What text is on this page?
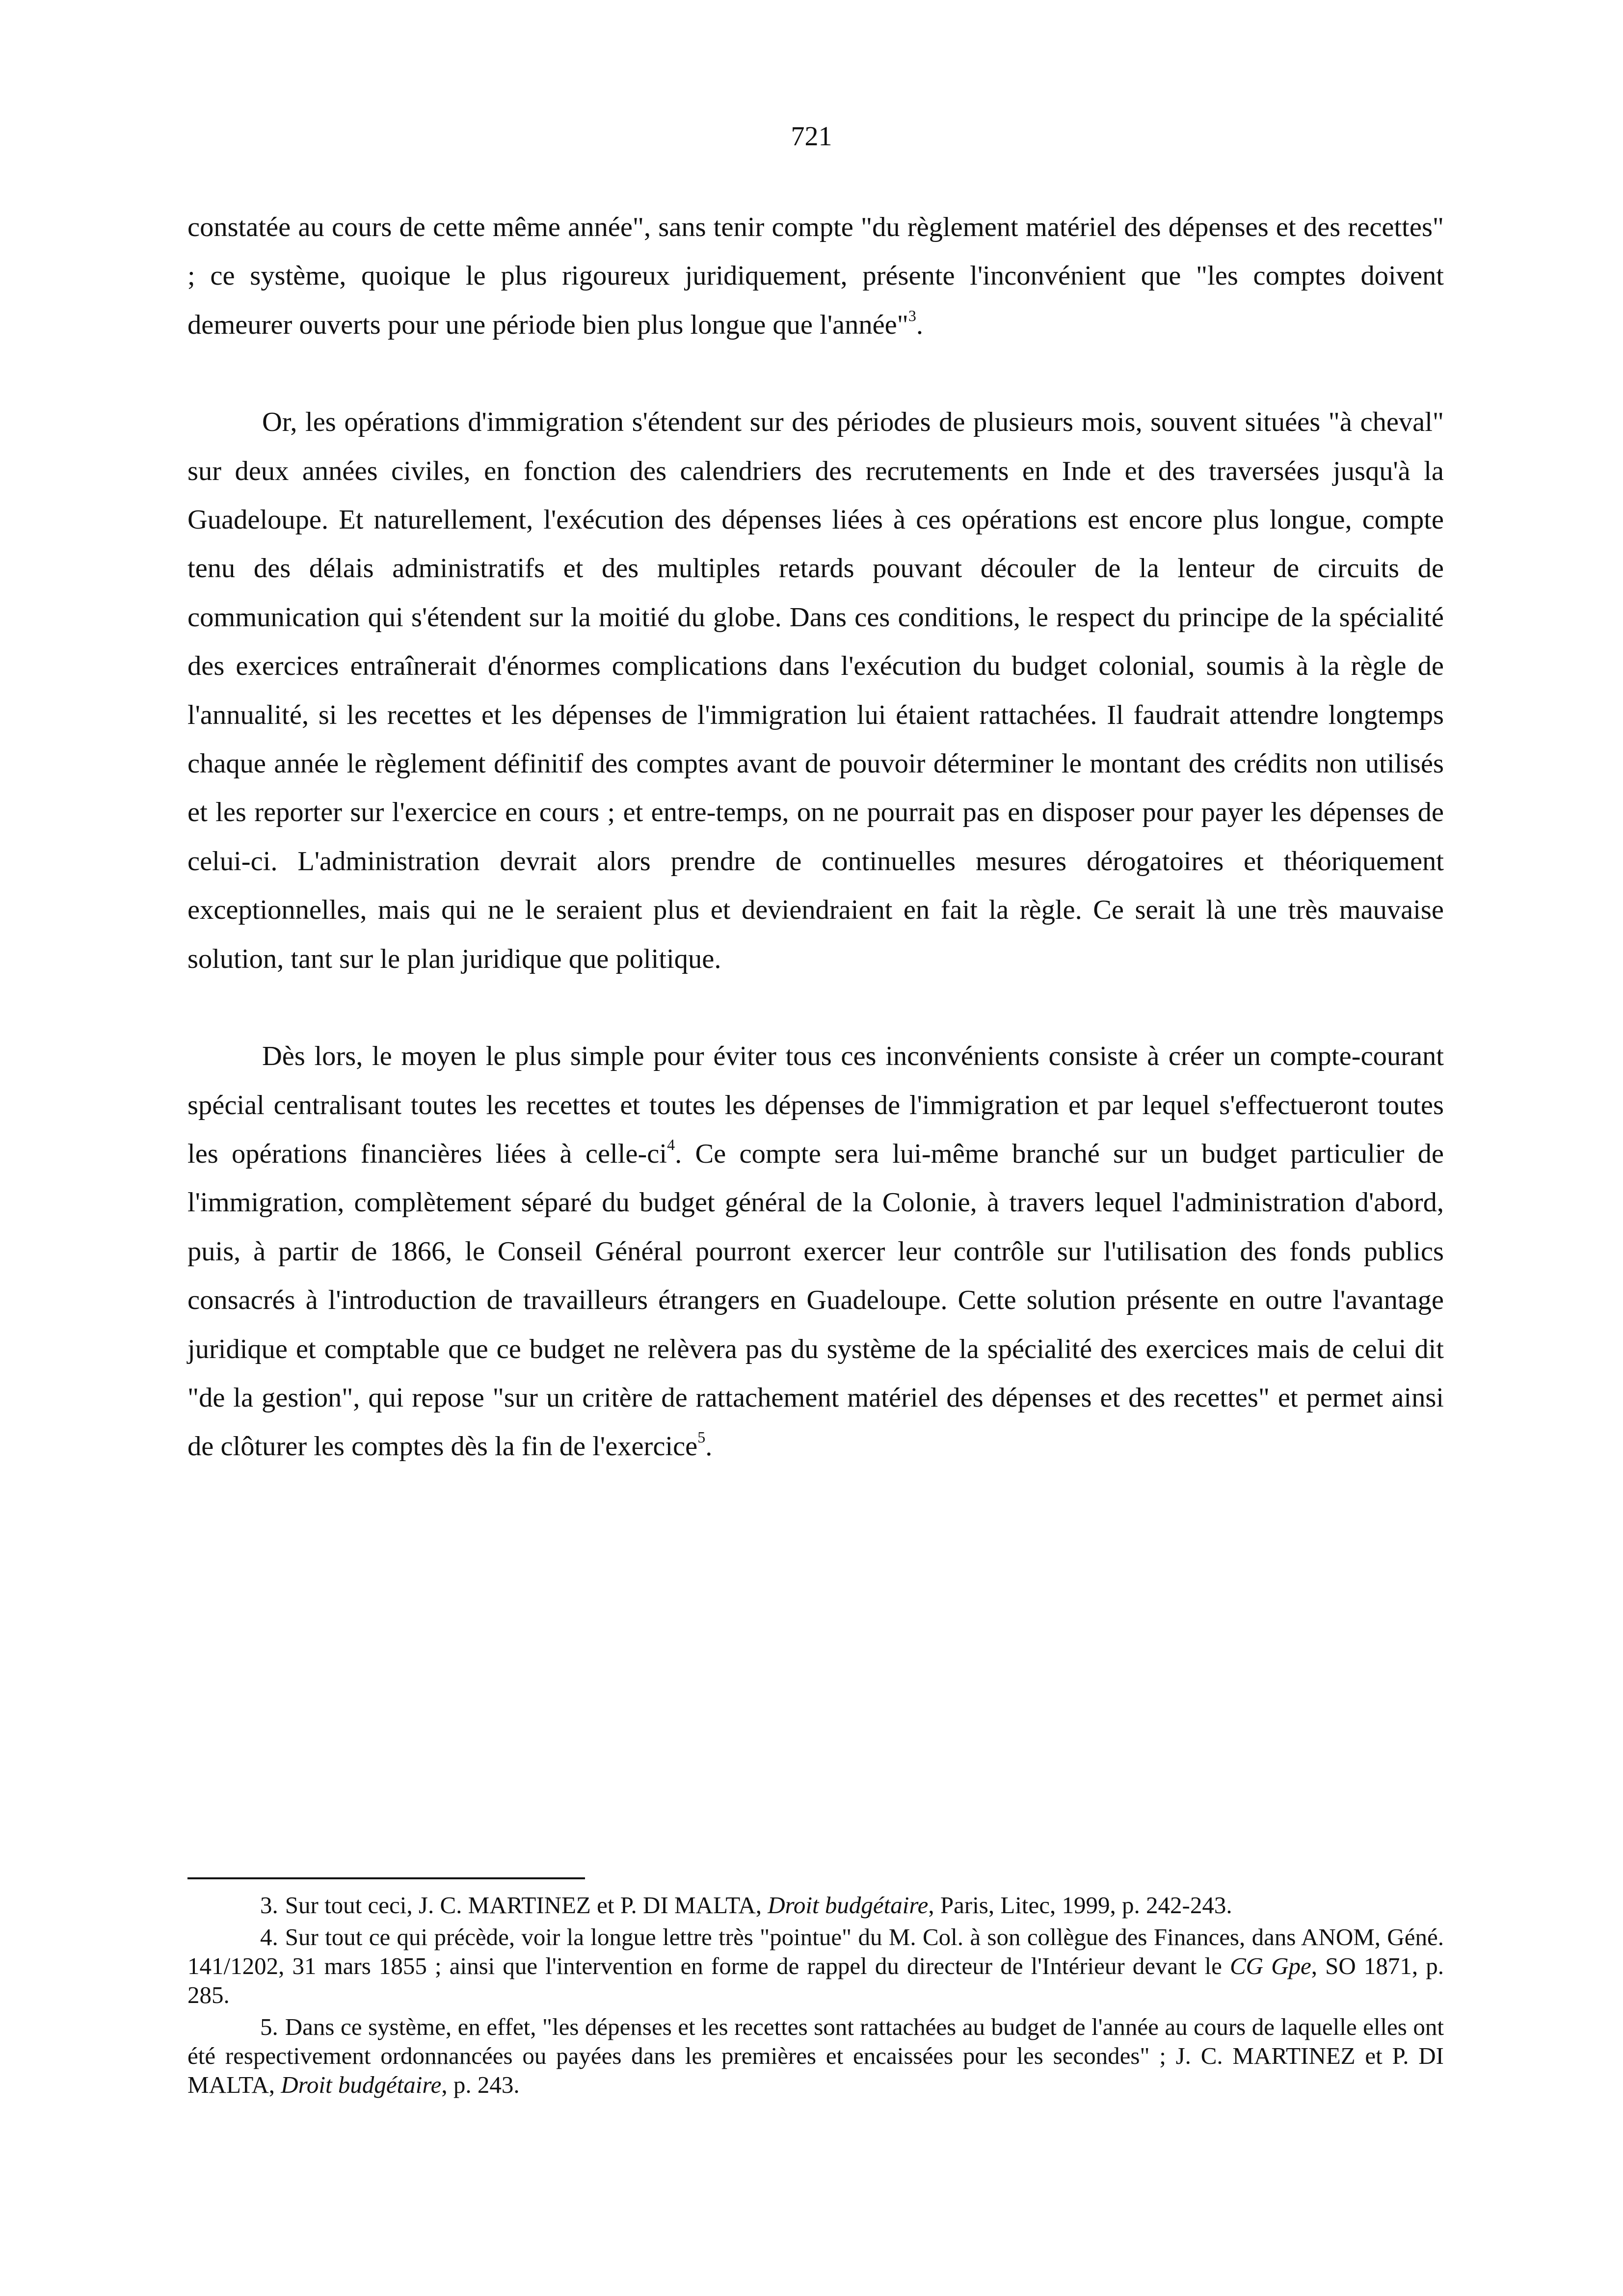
721

constatée au cours de cette même année", sans tenir compte "du règlement matériel des dépenses et des recettes" ; ce système, quoique le plus rigoureux juridiquement, présente l'inconvénient que "les comptes doivent demeurer ouverts pour une période bien plus longue que l'année"$^3$.

Or, les opérations d'immigration s'étendent sur des périodes de plusieurs mois, souvent situées "à cheval" sur deux années civiles, en fonction des calendriers des recrutements en Inde et des traversées jusqu'à la Guadeloupe. Et naturellement, l'exécution des dépenses liées à ces opérations est encore plus longue, compte tenu des délais administratifs et des multiples retards pouvant découler de la lenteur de circuits de communication qui s'étendent sur la moitié du globe. Dans ces conditions, le respect du principe de la spécialité des exercices entraînerait d'énormes complications dans l'exécution du budget colonial, soumis à la règle de l'annualité, si les recettes et les dépenses de l'immigration lui étaient rattachées. Il faudrait attendre longtemps chaque année le règlement définitif des comptes avant de pouvoir déterminer le montant des crédits non utilisés et les reporter sur l'exercice en cours ; et entre-temps, on ne pourrait pas en disposer pour payer les dépenses de celui-ci. L'administration devrait alors prendre de continuelles mesures dérogatoires et théoriquement exceptionnelles, mais qui ne le seraient plus et deviendraient en fait la règle. Ce serait là une très mauvaise solution, tant sur le plan juridique que politique.

Dès lors, le moyen le plus simple pour éviter tous ces inconvénients consiste à créer un compte-courant spécial centralisant toutes les recettes et toutes les dépenses de l'immigration et par lequel s'effectueront toutes les opérations financières liées à celle-$ci^4$. Ce compte sera lui-même branché sur un budget particulier de l'immigration, complètement séparé du budget général de la Colonie, à travers lequel l'administration d'abord, puis, à partir de 1866, le Conseil Général pourront exercer leur contrôle sur l'utilisation des fonds publics consacrés à l'introduction de travailleurs étrangers en Guadeloupe. Cette solution présente en outre l'avantage juridique et comptable que ce budget ne relèvera pas du système de la spécialité des exercices mais de celui dit "de la gestion", qui repose "sur un critère de rattachement matériel des dépenses et des recettes" et permet ainsi de clôturer les comptes dès la fin de l'exercice$^5$.

3. Sur tout ceci, J. C. MARTINEZ et P. DI MALTA, Droit budgétaire, Paris, Litec, 1999, p. 242-243.

4. Sur tout ce qui précède, voir la longue lettre très "pointue" du M. Col. à son collègue des Finances, dans ANOM, Géné. 141/1202, 31 mars 1855 ; ainsi que l'intervention en forme de rappel du directeur de l'Intérieur devant le CG Gpe, SO 1871, p. 285.

5. Dans ce système, en effet, "les dépenses et les recettes sont rattachées au budget de l'année au cours de laquelle elles ont été respectivement ordonnancées ou payées dans les premières et encaissées pour les secondes" ; J. C. MARTINEZ et P. DI MALTA, Droit budgétaire, p. 243.
